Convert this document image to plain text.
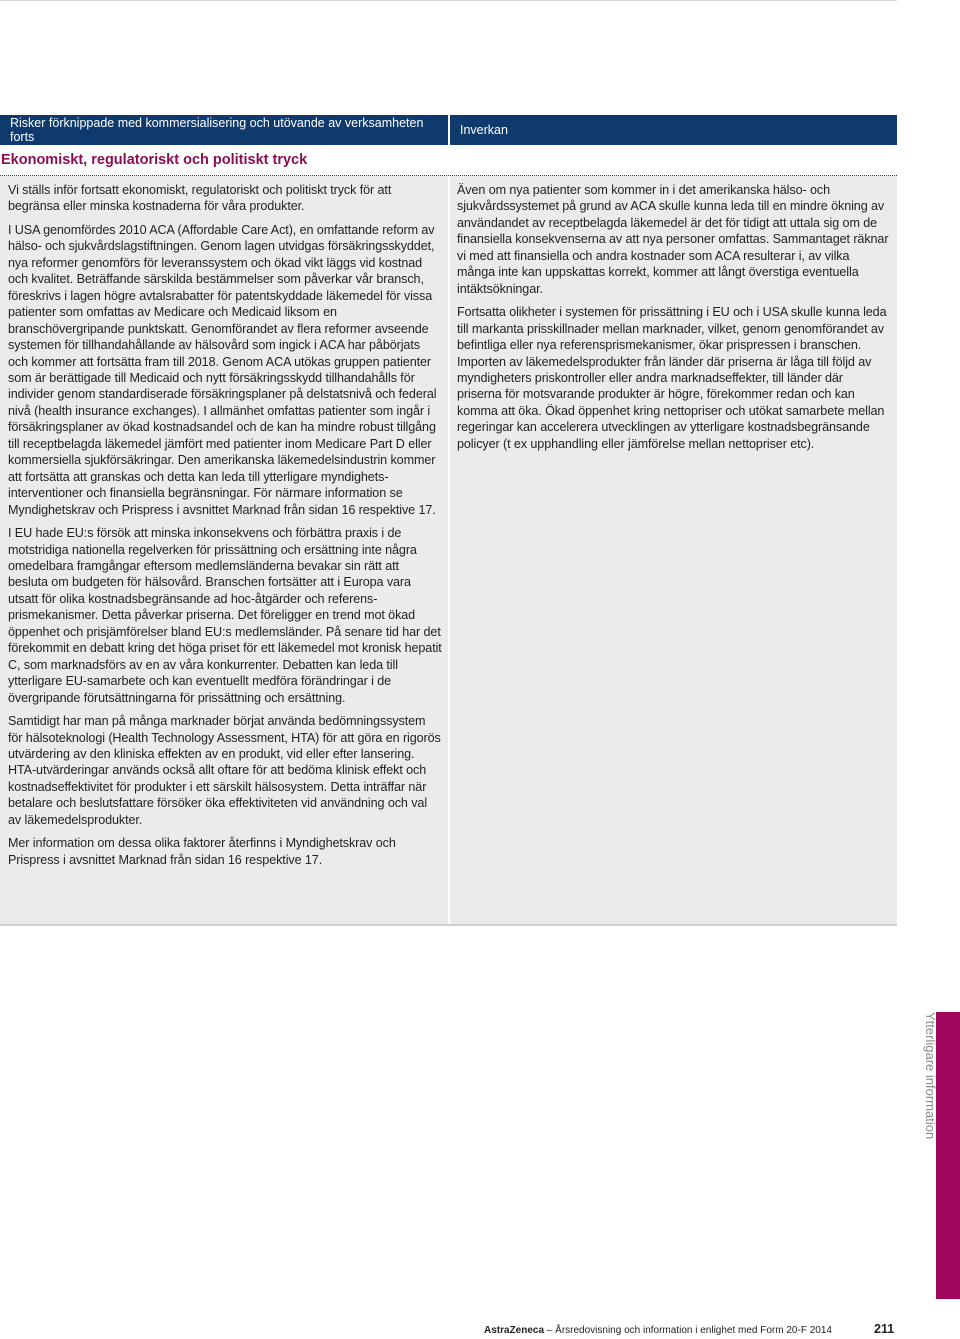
Risker förknippade med kommersialisering och utövande av verksamheten forts	Inverkan
Ekonomiskt, regulatoriskt och politiskt tryck

Vi ställs inför fortsatt ekonomiskt, regulatoriskt och politiskt tryck för att begränsa eller minska kostnaderna för våra produkter.

I USA genomfördes 2010 ACA (Affordable Care Act), en omfattande reform av hälso- och sjukvårdslagstiftningen. Genom lagen utvidgas försäkringsskyddet, nya reformer genomförs för leveranssystem och ökad vikt läggs vid kostnad och kvalitet. Beträffande särskilda bestämmelser som påverkar vår bransch, föreskrivs i lagen högre avtalsrabatter för patentskyddade läkemedel för vissa patienter som omfattas av Medicare och Medicaid liksom en branschövergripande punktskatt. Genomförandet av flera reformer avseende systemen för tillhandahållande av hälsovård som ingick i ACA har påbörjats och kommer att fortsätta fram till 2018. Genom ACA utökas gruppen patienter som är berättigade till Medicaid och nytt försäkringsskydd tillhandahålls för individer genom standardiserade försäkringsplaner på delstatsnivå och federal nivå (health insurance exchanges). I allmänhet omfattas patienter som ingår i försäkringsplaner av ökad kostnadsandel och de kan ha mindre robust tillgång till receptbelagda läkemedel jämfört med patienter inom Medicare Part D eller kommersiella sjukförsäkringar. Den amerikanska läkemedelsindustrin kommer att fortsätta att granskas och detta kan leda till ytterligare myndighetsinterventioner och finansiella begränsningar. För närmare information se Myndighetskrav och Prispress i avsnittet Marknad från sidan 16 respektive 17.

I EU hade EU:s försök att minska inkonsekvens och förbättra praxis i de motstridiga nationella regelverken för prissättning och ersättning inte några omedelbara framgångar eftersom medlemsländerna bevakar sin rätt att besluta om budgeten för hälsovård. Branschen fortsätter att i Europa vara utsatt för olika kostnadsbegränsande ad hoc-åtgärder och referensprismekanismer. Detta påverkar priserna. Det föreligger en trend mot ökad öppenhet och prisjämförelser bland EU:s medlemsländer. På senare tid har det förekommit en debatt kring det höga priset för ett läkemedel mot kronisk hepatit C, som marknadsförs av en av våra konkurrenter. Debatten kan leda till ytterligare EU-samarbete och kan eventuellt medföra förändringar i de övergripande förutsättningarna för prissättning och ersättning.

Samtidigt har man på många marknader börjat använda bedömningssystem för hälsoteknologi (Health Technology Assessment, HTA) för att göra en rigorös utvärdering av den kliniska effekten av en produkt, vid eller efter lansering. HTA-utvärderingar används också allt oftare för att bedöma klinisk effekt och kostnadseffektivitet för produkter i ett särskilt hälsosystem. Detta inträffar när betalare och beslutsfattare försöker öka effektiviteten vid användning och val av läkemedelsprodukter.

Mer information om dessa olika faktorer återfinns i Myndighetskrav och Prispress i avsnittet Marknad från sidan 16 respektive 17.

Även om nya patienter som kommer in i det amerikanska hälso- och sjukvårdssystemet på grund av ACA skulle kunna leda till en mindre ökning av användandet av receptbelagda läkemedel är det för tidigt att uttala sig om de finansiella konsekvenserna av att nya personer omfattas. Sammantaget räknar vi med att finansiella och andra kostnader som ACA resulterar i, av vilka många inte kan uppskattas korrekt, kommer att långt överstiga eventuella intäktsökningar.

Fortsatta olikheter i systemen för prissättning i EU och i USA skulle kunna leda till markanta prisskillnader mellan marknader, vilket, genom genomförandet av befintliga eller nya referensprismekanismer, ökar prispressen i branschen. Importen av läkemedelsprodukter från länder där priserna är låga till följd av myndigheters priskontroller eller andra marknadseffekter, till länder där priserna för motsvarande produkter är högre, förekommer redan och kan komma att öka. Ökad öppenhet kring nettopriser och utökat samarbete mellan regeringar kan accelerera utvecklingen av ytterligare kostnadsbegränsande policyer (t ex upphandling eller jämförelse mellan nettopriser etc).

Ytterligare information
AstraZeneca – Årsredovisning och information i enlighet med Form 20-F 2014	211
